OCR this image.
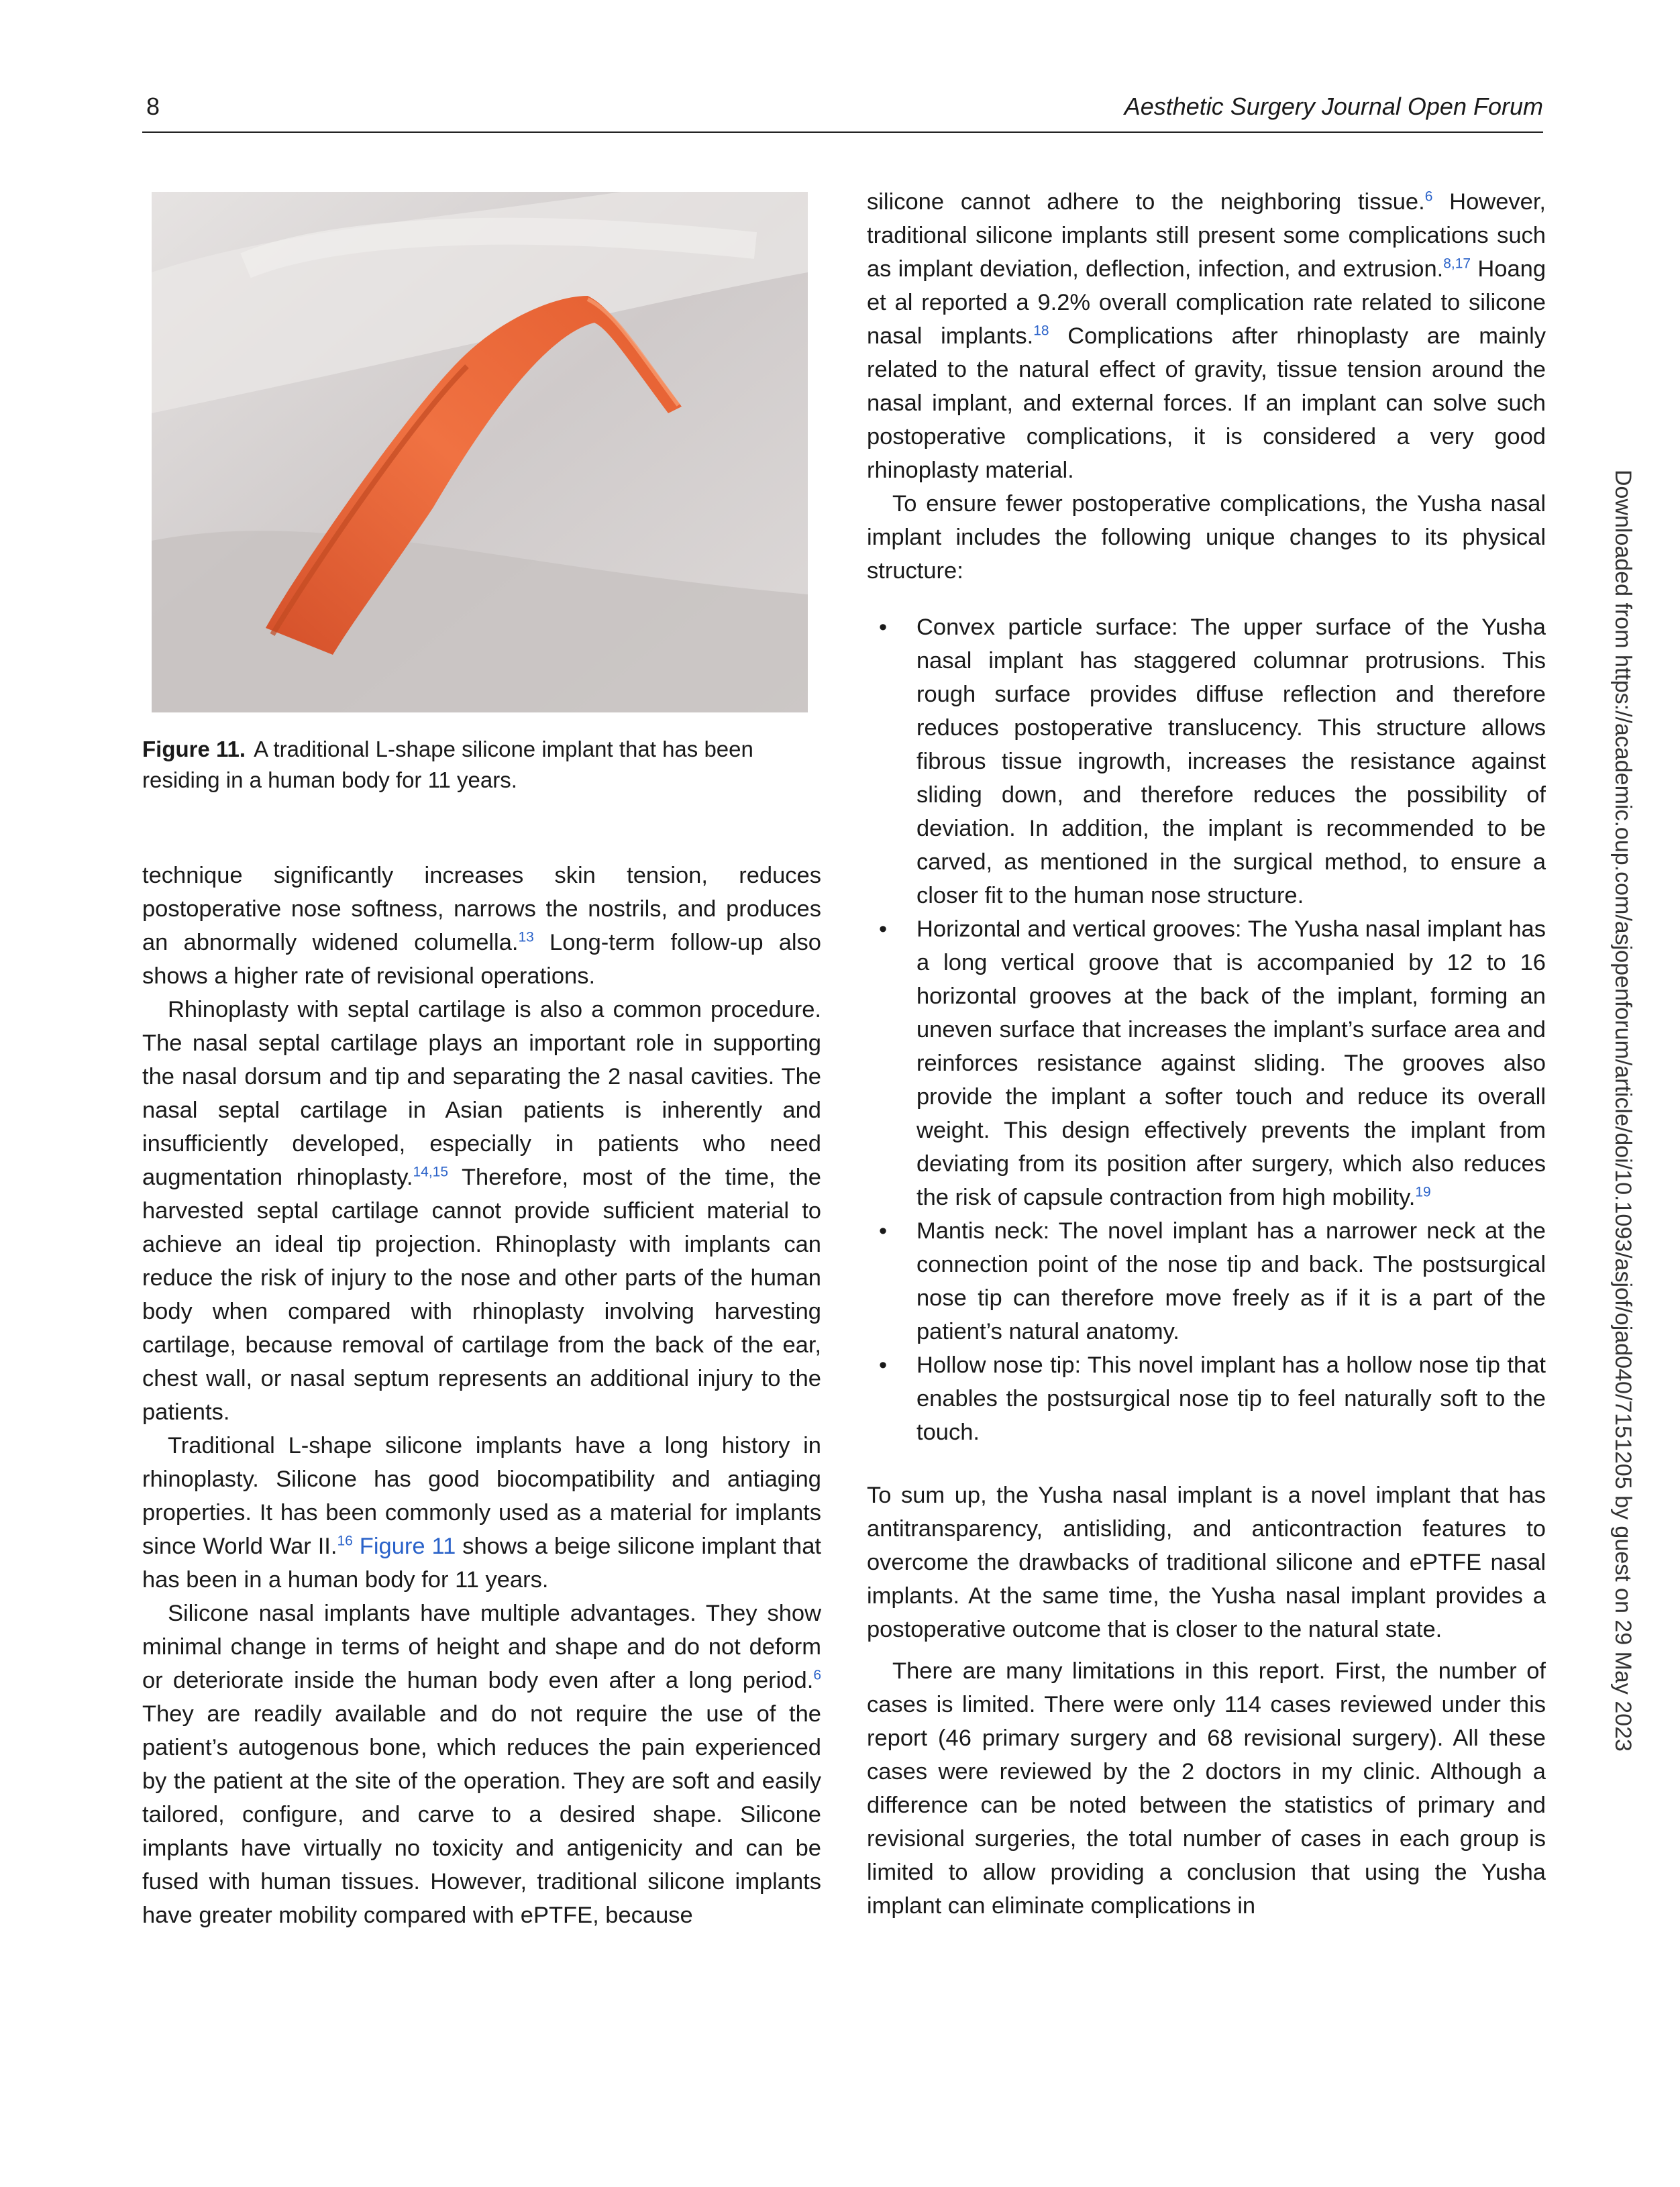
8	Aesthetic Surgery Journal Open Forum
Figure 11. A traditional L-shape silicone implant that has been residing in a human body for 11 years.

technique significantly increases skin tension, reduces postoperative nose softness, narrows the nostrils, and produces an abnormally widened columella.$^{13}$ Long-term follow-up also shows a higher rate of revisional operations.

Rhinoplasty with septal cartilage is also a common procedure. The nasal septal cartilage plays an important role in supporting the nasal dorsum and tip and separating the 2 nasal cavities. The nasal septal cartilage in Asian patients is inherently and insufficiently developed, especially in patients who need augmentation rhinoplasty.$^{14,15}$ Therefore, most of the time, the harvested septal cartilage cannot provide sufficient material to achieve an ideal tip projection. Rhinoplasty with implants can reduce the risk of injury to the nose and other parts of the human body when compared with rhinoplasty involving harvesting cartilage, because removal of cartilage from the back of the ear, chest wall, or nasal septum represents an additional injury to the patients.

Traditional L-shape silicone implants have a long history in rhinoplasty. Silicone has good biocompatibility and antiaging properties. It has been commonly used as a material for implants since World War II.$^{16}$ Figure 11 shows a beige silicone implant that has been in a human body for 11 years.

Silicone nasal implants have multiple advantages. They show minimal change in terms of height and shape and do not deform or deteriorate inside the human body even after a long period.$^6$ They are readily available and do not require the use of the patient’s autogenous bone, which reduces the pain experienced by the patient at the site of the operation. They are soft and easily tailored, configure, and carve to a desired shape. Silicone implants have virtually no toxicity and antigenicity and can be fused with human tissues. However, traditional silicone implants have greater mobility compared with ePTFE, because

silicone cannot adhere to the neighboring tissue.$^6$ However, traditional silicone implants still present some complications such as implant deviation, deflection, infection, and extrusion.$^{8,17}$ Hoang et al reported a 9.2% overall complication rate related to silicone nasal implants.$^{18}$ Complications after rhinoplasty are mainly related to the natural effect of gravity, tissue tension around the nasal implant, and external forces. If an implant can solve such postoperative complications, it is considered a very good rhinoplasty material.

To ensure fewer postoperative complications, the Yusha nasal implant includes the following unique changes to its physical structure:

• Convex particle surface: The upper surface of the Yusha nasal implant has staggered columnar protrusions. This rough surface provides diffuse reflection and therefore reduces postoperative translucency. This structure allows fibrous tissue ingrowth, increases the resistance against sliding down, and therefore reduces the possibility of deviation. In addition, the implant is recommended to be carved, as mentioned in the surgical method, to ensure a closer fit to the human nose structure.
• Horizontal and vertical grooves: The Yusha nasal implant has a long vertical groove that is accompanied by 12 to 16 horizontal grooves at the back of the implant, forming an uneven surface that increases the implant’s surface area and reinforces resistance against sliding. The grooves also provide the implant a softer touch and reduce its overall weight. This design effectively prevents the implant from deviating from its position after surgery, which also reduces the risk of capsule contraction from high mobility.$^{19}$
• Mantis neck: The novel implant has a narrower neck at the connection point of the nose tip and back. The postsurgical nose tip can therefore move freely as if it is a part of the patient’s natural anatomy.
• Hollow nose tip: This novel implant has a hollow nose tip that enables the postsurgical nose tip to feel naturally soft to the touch.

To sum up, the Yusha nasal implant is a novel implant that has antitransparency, antisliding, and anticontraction features to overcome the drawbacks of traditional silicone and ePTFE nasal implants. At the same time, the Yusha nasal implant provides a postoperative outcome that is closer to the natural state.

There are many limitations in this report. First, the number of cases is limited. There were only 114 cases reviewed under this report (46 primary surgery and 68 revisional surgery). All these cases were reviewed by the 2 doctors in my clinic. Although a difference can be noted between the statistics of primary and revisional surgeries, the total number of cases in each group is limited to allow providing a conclusion that using the Yusha implant can eliminate complications in

Downloaded from https://academic.oup.com/asjopenforum/article/doi/10.1093/asjof/ojad040/7151205 by guest on 29 May 2023
